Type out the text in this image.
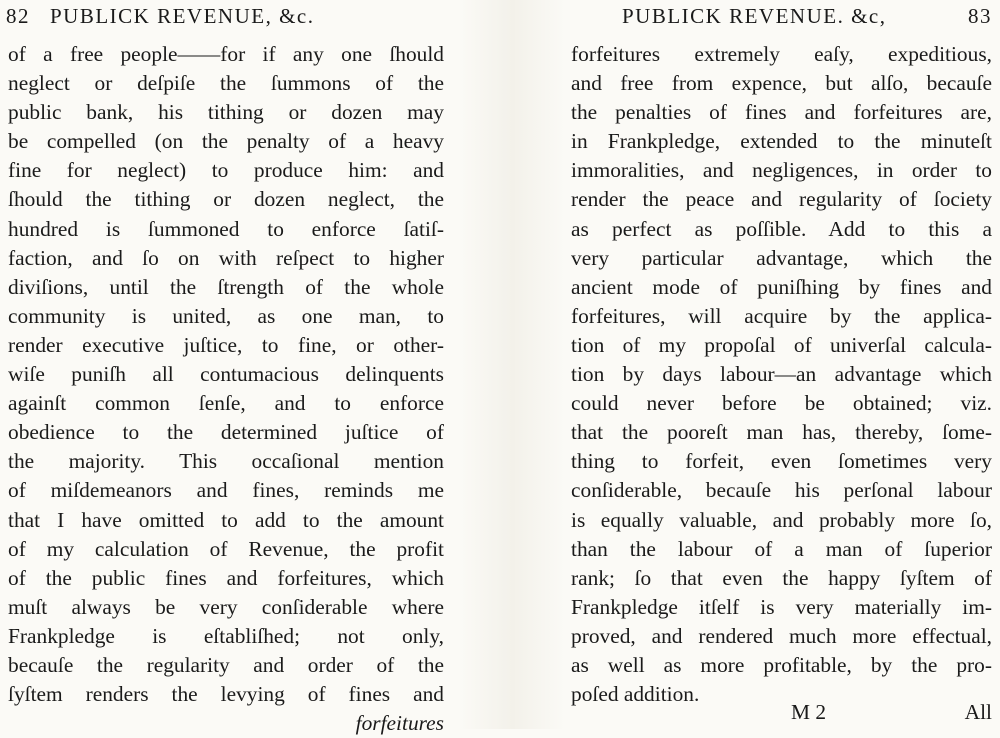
82 PUBLICK REVENUE, &c.
of a free people——for if any one ſhould
neglect or deſpiſe the ſummons of the
public bank, his tithing or dozen may
be compelled (on the penalty of a heavy
fine for neglect) to produce him: and
ſhould the tithing or dozen neglect, the
hundred is ſummoned to enforce ſatiſ-
faction, and ſo on with reſpect to higher
diviſions, until the ſtrength of the whole
community is united, as one man, to
render executive juſtice, to fine, or other-
wiſe puniſh all contumacious delinquents
againſt common ſenſe, and to enforce
obedience to the determined juſtice of
the majority. This occaſional mention
of miſdemeanors and fines, reminds me
that I have omitted to add to the amount
of my calculation of Revenue, the profit
of the public fines and forfeitures, which
muſt always be very conſiderable where
Frankpledge is eſtabliſhed; not only,
becauſe the regularity and order of the
ſyſtem renders the levying of fines and
forfeitures
PUBLICK REVENUE. &c,	83
forfeitures extremely eaſy, expeditious,
and free from expence, but alſo, becauſe
the penalties of fines and forfeitures are,
in Frankpledge, extended to the minuteſt
immoralities, and negligences, in order to
render the peace and regularity of ſociety
as perfect as poſſible. Add to this a
very particular advantage, which the
ancient mode of puniſhing by fines and
forfeitures, will acquire by the applica-
tion of my propoſal of univerſal calcula-
tion by days labour—an advantage which
could never before be obtained; viz.
that the pooreſt man has, thereby, ſome-
thing to forfeit, even ſometimes very
conſiderable, becauſe his perſonal labour
is equally valuable, and probably more ſo,
than the labour of a man of ſuperior
rank; ſo that even the happy ſyſtem of
Frankpledge itſelf is very materially im-
proved, and rendered much more effectual,
as well as more profitable, by the pro-
poſed addition.
M 2	All
